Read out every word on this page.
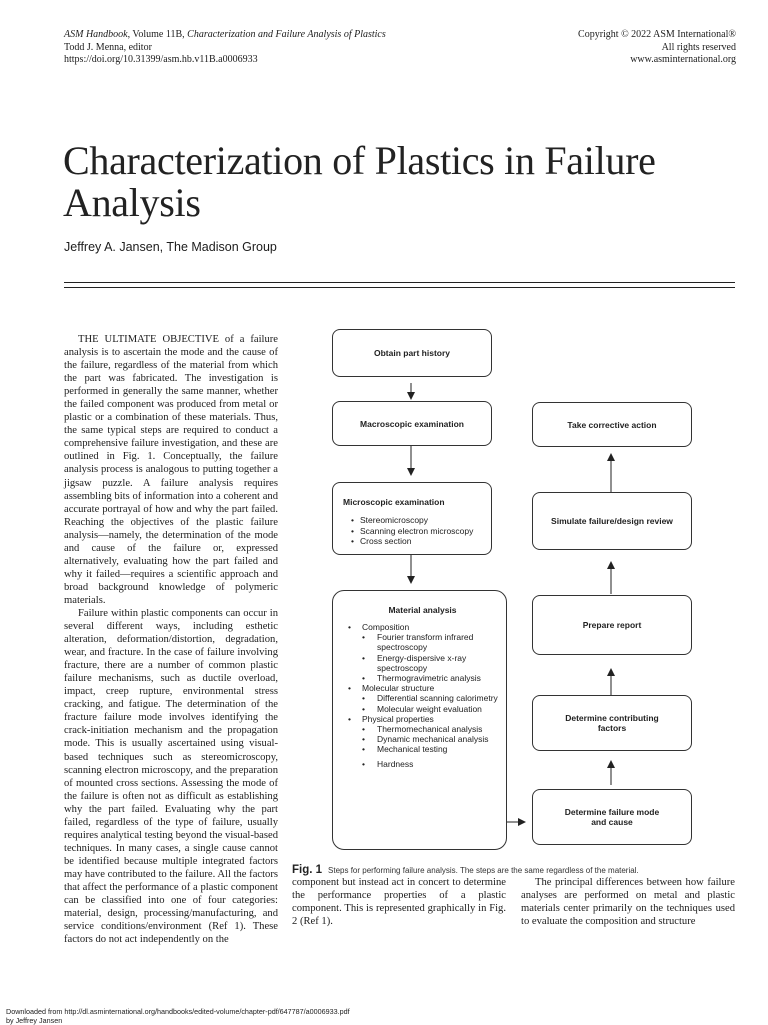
ASM Handbook, Volume 11B, Characterization and Failure Analysis of Plastics
Todd J. Menna, editor
https://doi.org/10.31399/asm.hb.v11B.a0006933
Copyright © 2022 ASM International®
All rights reserved
www.asminternational.org
Characterization of Plastics in Failure Analysis
Jeffrey A. Jansen, The Madison Group

THE ULTIMATE OBJECTIVE of a failure analysis is to ascertain the mode and the cause of the failure, regardless of the material from which the part was fabricated. The investigation is performed in generally the same manner, whether the failed component was produced from metal or plastic or a combination of these materials. Thus, the same typical steps are required to conduct a comprehensive failure investigation, and these are outlined in Fig. 1. Conceptually, the failure analysis process is analogous to putting together a jigsaw puzzle. A failure analysis requires assembling bits of information into a coherent and accurate portrayal of how and why the part failed. Reaching the objectives of the plastic failure analysis—namely, the determination of the mode and cause of the failure or, expressed alternatively, evaluating how the part failed and why it failed—requires a scientific approach and broad background knowledge of polymeric materials.

Failure within plastic components can occur in several different ways, including esthetic alteration, deformation/distortion, degradation, wear, and fracture. In the case of failure involving fracture, there are a number of common plastic failure mechanisms, such as ductile overload, impact, creep rupture, environmental stress cracking, and fatigue. The determination of the fracture failure mode involves identifying the crack-initiation mechanism and the propagation mode. This is usually ascertained using visual-based techniques such as stereomicroscopy, scanning electron microscopy, and the preparation of mounted cross sections. Assessing the mode of the failure is often not as difficult as establishing why the part failed. Evaluating why the part failed, regardless of the type of failure, usually requires analytical testing beyond the visual-based techniques. In many cases, a single cause cannot be identified because multiple integrated factors may have contributed to the failure. All the factors that affect the performance of a plastic component can be classified into one of four categories: material, design, processing/manufacturing, and service conditions/environment (Ref 1). These factors do not act independently on the

Obtain part history
Macroscopic examination
Microscopic examination
• Stereomicroscopy
• Scanning electron microscopy
• Cross section
Material analysis
• Composition
• Fourier transform infrared spectroscopy
• Energy-dispersive x-ray spectroscopy
• Thermogravimetric analysis
• Molecular structure
• Differential scanning calorimetry
• Molecular weight evaluation
• Physical properties
• Thermomechanical analysis
• Dynamic mechanical analysis
• Mechanical testing
• Hardness
Take corrective action
Simulate failure/design review
Prepare report
Determine contributing factors
Determine failure mode and cause
Fig. 1 Steps for performing failure analysis. The steps are the same regardless of the material.

component but instead act in concert to determine the performance properties of a plastic component. This is represented graphically in Fig. 2 (Ref 1).

The principal differences between how failure analyses are performed on metal and plastic materials center primarily on the techniques used to evaluate the composition and structure

Downloaded from http://dl.asminternational.org/handbooks/edited-volume/chapter-pdf/647787/a0006933.pdf
by Jeffrey Jansen
